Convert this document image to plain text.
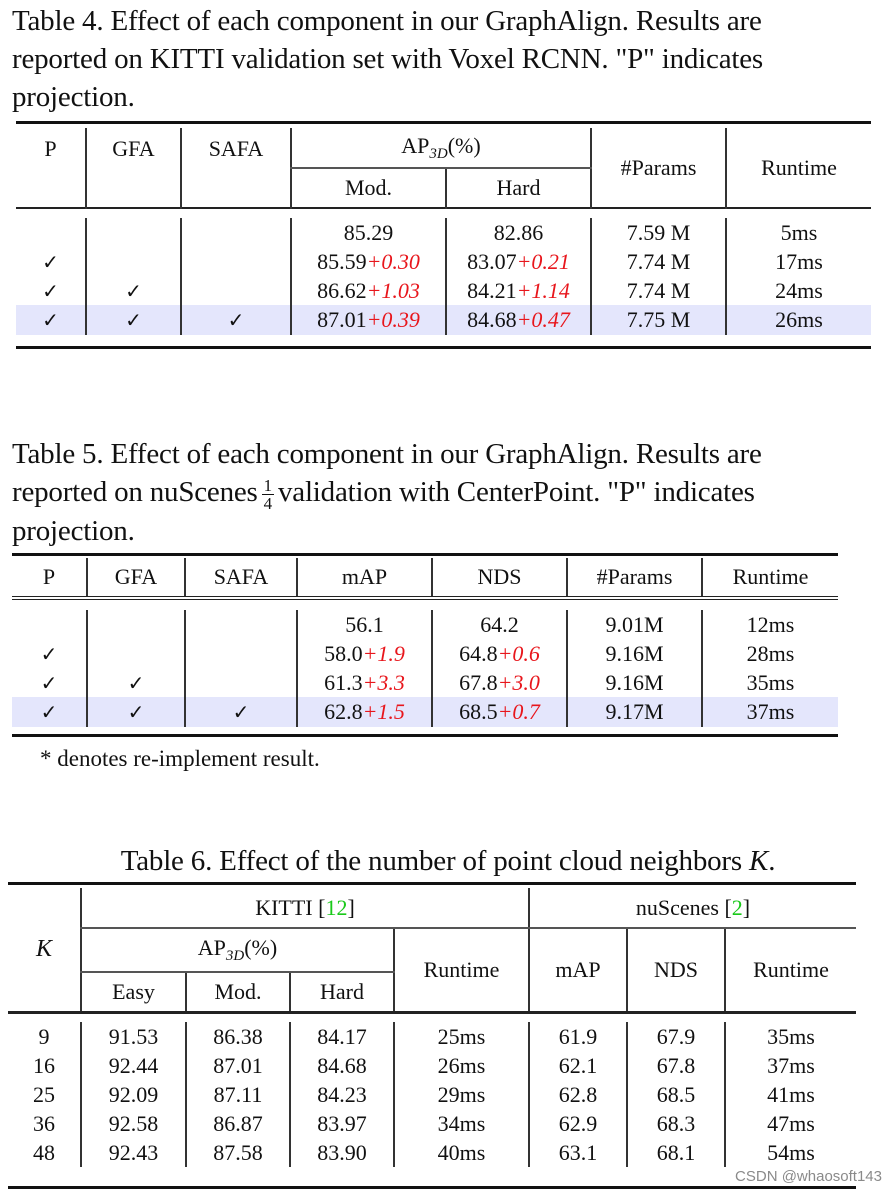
Table 4. Effect of each component in our GraphAlign. Results are
reported on KITTI validation set with Voxel RCNN. "P" indicates
projection.
P	GFA	SAFA	$AP_{3D}(\%)$		#Params	Runtime
			Mod.	Hard		

			85.29	82.86	7.59 M	5ms
✓			85.59+0.30	83.07+0.21	7.74 M	17ms
✓	✓		86.62+1.03	84.21+1.14	7.74 M	24ms
✓	✓	✓	87.01+0.39	84.68+0.47	7.75 M	26ms
Table 5. Effect of each component in our GraphAlign. Results are
reported on nuScenes $\frac{1}{4}$ validation with CenterPoint. "P" indicates
projection.
P	GFA	SAFA	mAP	NDS	#Params	Runtime

			56.1	64.2	9.01M	12ms
✓			58.0+1.9	64.8+0.6	9.16M	28ms
✓	✓		61.3+3.3	67.8+3.0	9.16M	35ms
✓	✓	✓	62.8+1.5	68.5+0.7	9.17M	37ms
* denotes re-implement result.
Table 6. Effect of the number of point cloud neighbors K.
K	KITTI [12]				nuScenes [2]		
	$AP_{3D}(\%)$			Runtime	mAP	NDS	Runtime
	Easy	Mod.	Hard				

9	91.53	86.38	84.17	25ms	61.9	67.9	35ms
16	92.44	87.01	84.68	26ms	62.1	67.8	37ms
25	92.09	87.11	84.23	29ms	62.8	68.5	41ms
36	92.58	86.87	83.97	34ms	62.9	68.3	47ms
48	92.43	87.58	83.90	40ms	63.1	68.1	54ms
CSDN @whaosoft143
